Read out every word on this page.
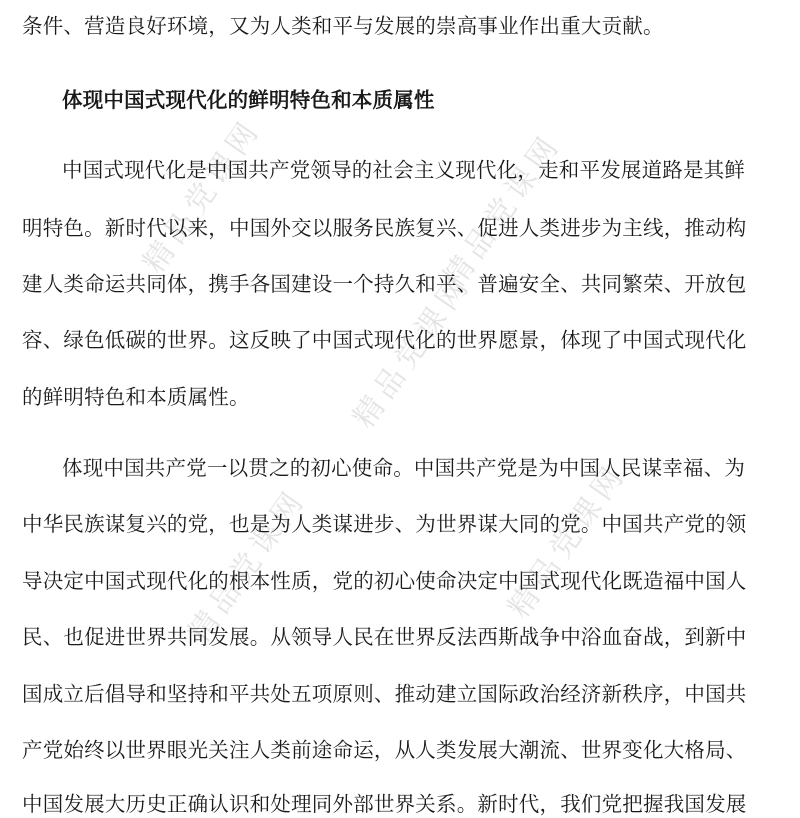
精品党课网	精品党课网
精品党课网
精品党课网	精品党课网
条件、营造良好环境，又为人类和平与发展的崇高事业作出重大贡献。
体现中国式现代化的鲜明特色和本质属性
中国式现代化是中国共产党领导的社会主义现代化，走和平发展道路是其鲜
明特色。新时代以来，中国外交以服务民族复兴、促进人类进步为主线，推动构
建人类命运共同体，携手各国建设一个持久和平、普遍安全、共同繁荣、开放包
容、绿色低碳的世界。这反映了中国式现代化的世界愿景，体现了中国式现代化
的鲜明特色和本质属性。
体现中国共产党一以贯之的初心使命。中国共产党是为中国人民谋幸福、为
中华民族谋复兴的党，也是为人类谋进步、为世界谋大同的党。中国共产党的领
导决定中国式现代化的根本性质，党的初心使命决定中国式现代化既造福中国人
民、也促进世界共同发展。从领导人民在世界反法西斯战争中浴血奋战，到新中
国成立后倡导和坚持和平共处五项原则、推动建立国际政治经济新秩序，中国共
产党始终以世界眼光关注人类前途命运，从人类发展大潮流、世界变化大格局、
中国发展大历史正确认识和处理同外部世界关系。新时代，我们党把握我国发展
